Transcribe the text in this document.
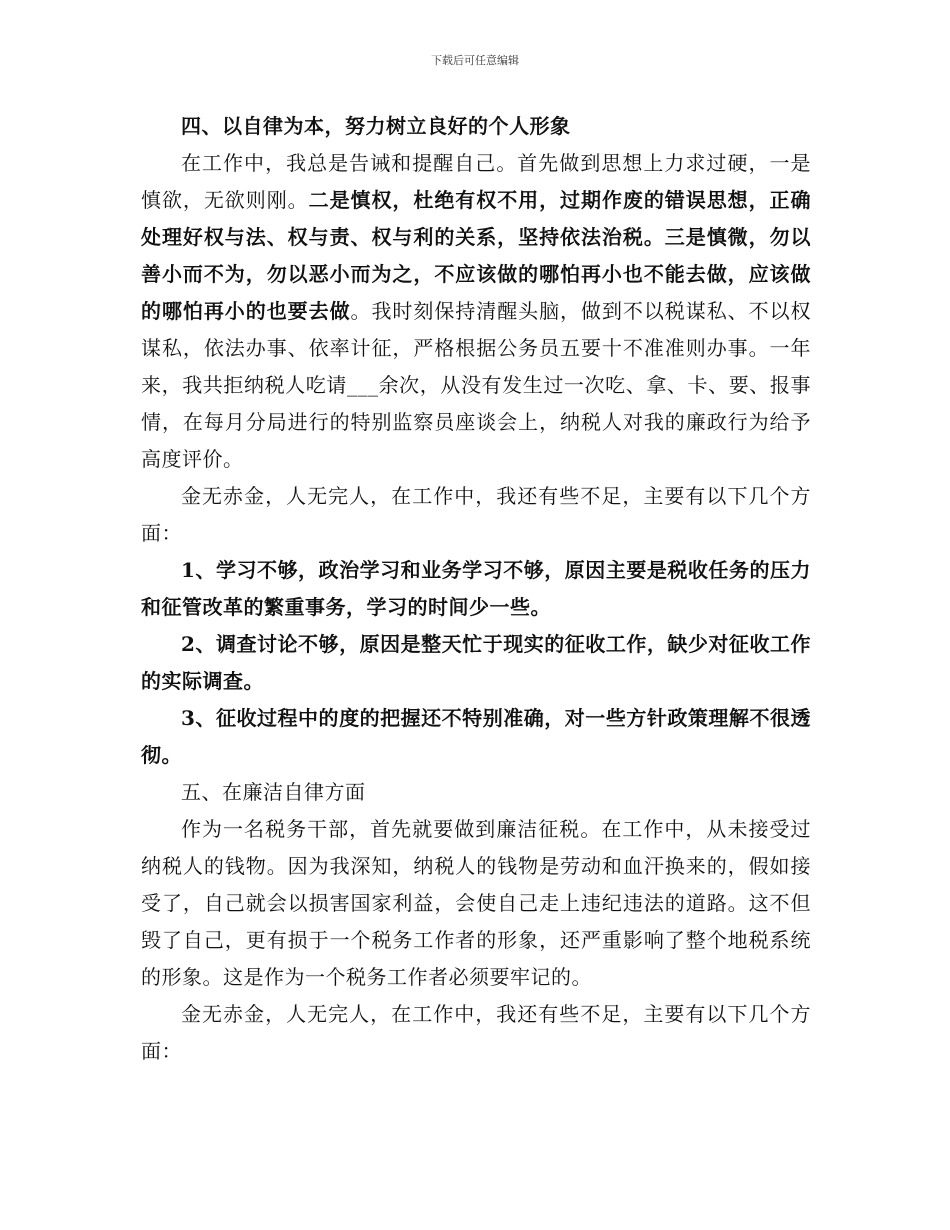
下载后可任意编辑

四、以自律为本，努力树立良好的个人形象

在工作中，我总是告诫和提醒自己。首先做到思想上力求过硬，一是慎欲，无欲则刚。二是慎权，杜绝有权不用，过期作废的错误思想，正确处理好权与法、权与责、权与利的关系，坚持依法治税。三是慎微，勿以善小而不为，勿以恶小而为之，不应该做的哪怕再小也不能去做，应该做的哪怕再小的也要去做。我时刻保持清醒头脑，做到不以税谋私、不以权谋私，依法办事、依率计征，严格根据公务员五要十不准准则办事。一年来，我共拒纳税人吃请___余次，从没有发生过一次吃、拿、卡、要、报事情，在每月分局进行的特别监察员座谈会上，纳税人对我的廉政行为给予高度评价。

金无赤金，人无完人，在工作中，我还有些不足，主要有以下几个方面：

1、学习不够，政治学习和业务学习不够，原因主要是税收任务的压力和征管改革的繁重事务，学习的时间少一些。

2、调查讨论不够，原因是整天忙于现实的征收工作，缺少对征收工作的实际调查。

3、征收过程中的度的把握还不特别准确，对一些方针政策理解不很透彻。

五、在廉洁自律方面

作为一名税务干部，首先就要做到廉洁征税。在工作中，从未接受过纳税人的钱物。因为我深知，纳税人的钱物是劳动和血汗换来的，假如接受了，自己就会以损害国家利益，会使自己走上违纪违法的道路。这不但毁了自己，更有损于一个税务工作者的形象，还严重影响了整个地税系统的形象。这是作为一个税务工作者必须要牢记的。

金无赤金，人无完人，在工作中，我还有些不足，主要有以下几个方面：
